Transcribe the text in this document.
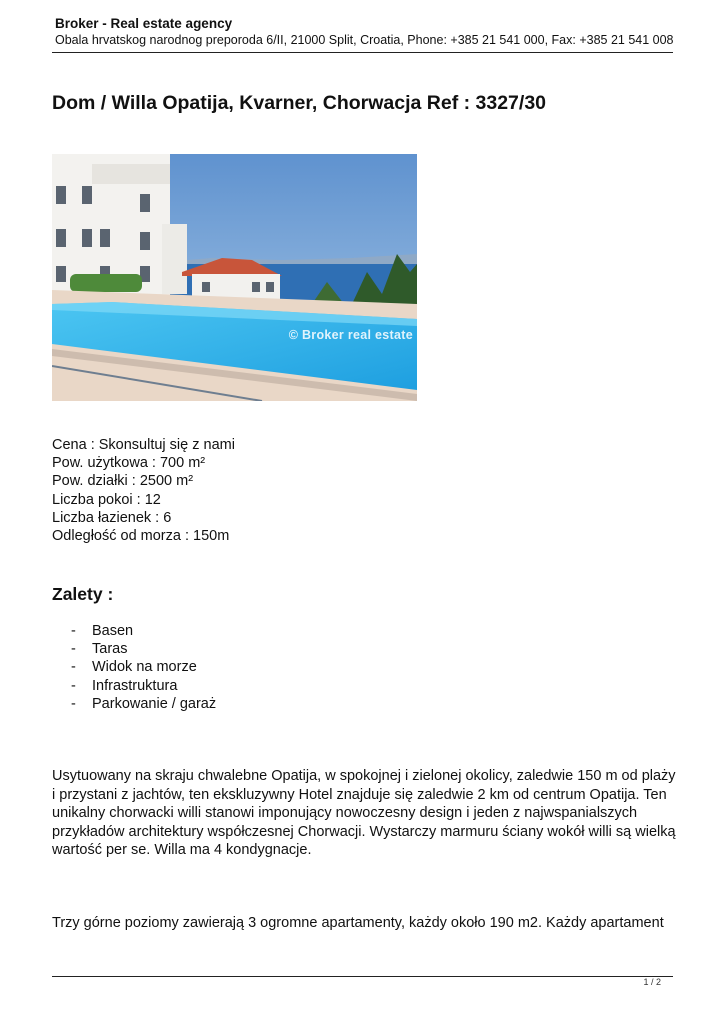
Broker - Real estate agency
Obala hrvatskog narodnog preporoda 6/II, 21000 Split, Croatia, Phone: +385 21 541 000, Fax: +385 21 541 008
Dom / Willa Opatija, Kvarner, Chorwacja Ref : 3327/30
© Broker real estate
Cena : Skonsultuj się z nami
Pow. użytkowa : 700 m²
Pow. działki : 2500 m²
Liczba pokoi : 12
Liczba łazienek : 6
Odległość od morza : 150m
Zalety :
- Basen
- Taras
- Widok na morze
- Infrastruktura
- Parkowanie / garaż

Usytuowany na skraju chwalebne Opatija, w spokojnej i zielonej okolicy, zaledwie 150 m od plaży i przystani z jachtów, ten ekskluzywny Hotel znajduje się zaledwie 2 km od centrum Opatija. Ten unikalny chorwacki willi stanowi imponujący nowoczesny design i jeden z najwspanialszych przykładów architektury współczesnej Chorwacji. Wystarczy marmuru ściany wokół willi są wielką wartość per se. Willa ma 4 kondygnacje.

Trzy górne poziomy zawierają 3 ogromne apartamenty, każdy około 190 m2. Każdy apartament

1 / 2
